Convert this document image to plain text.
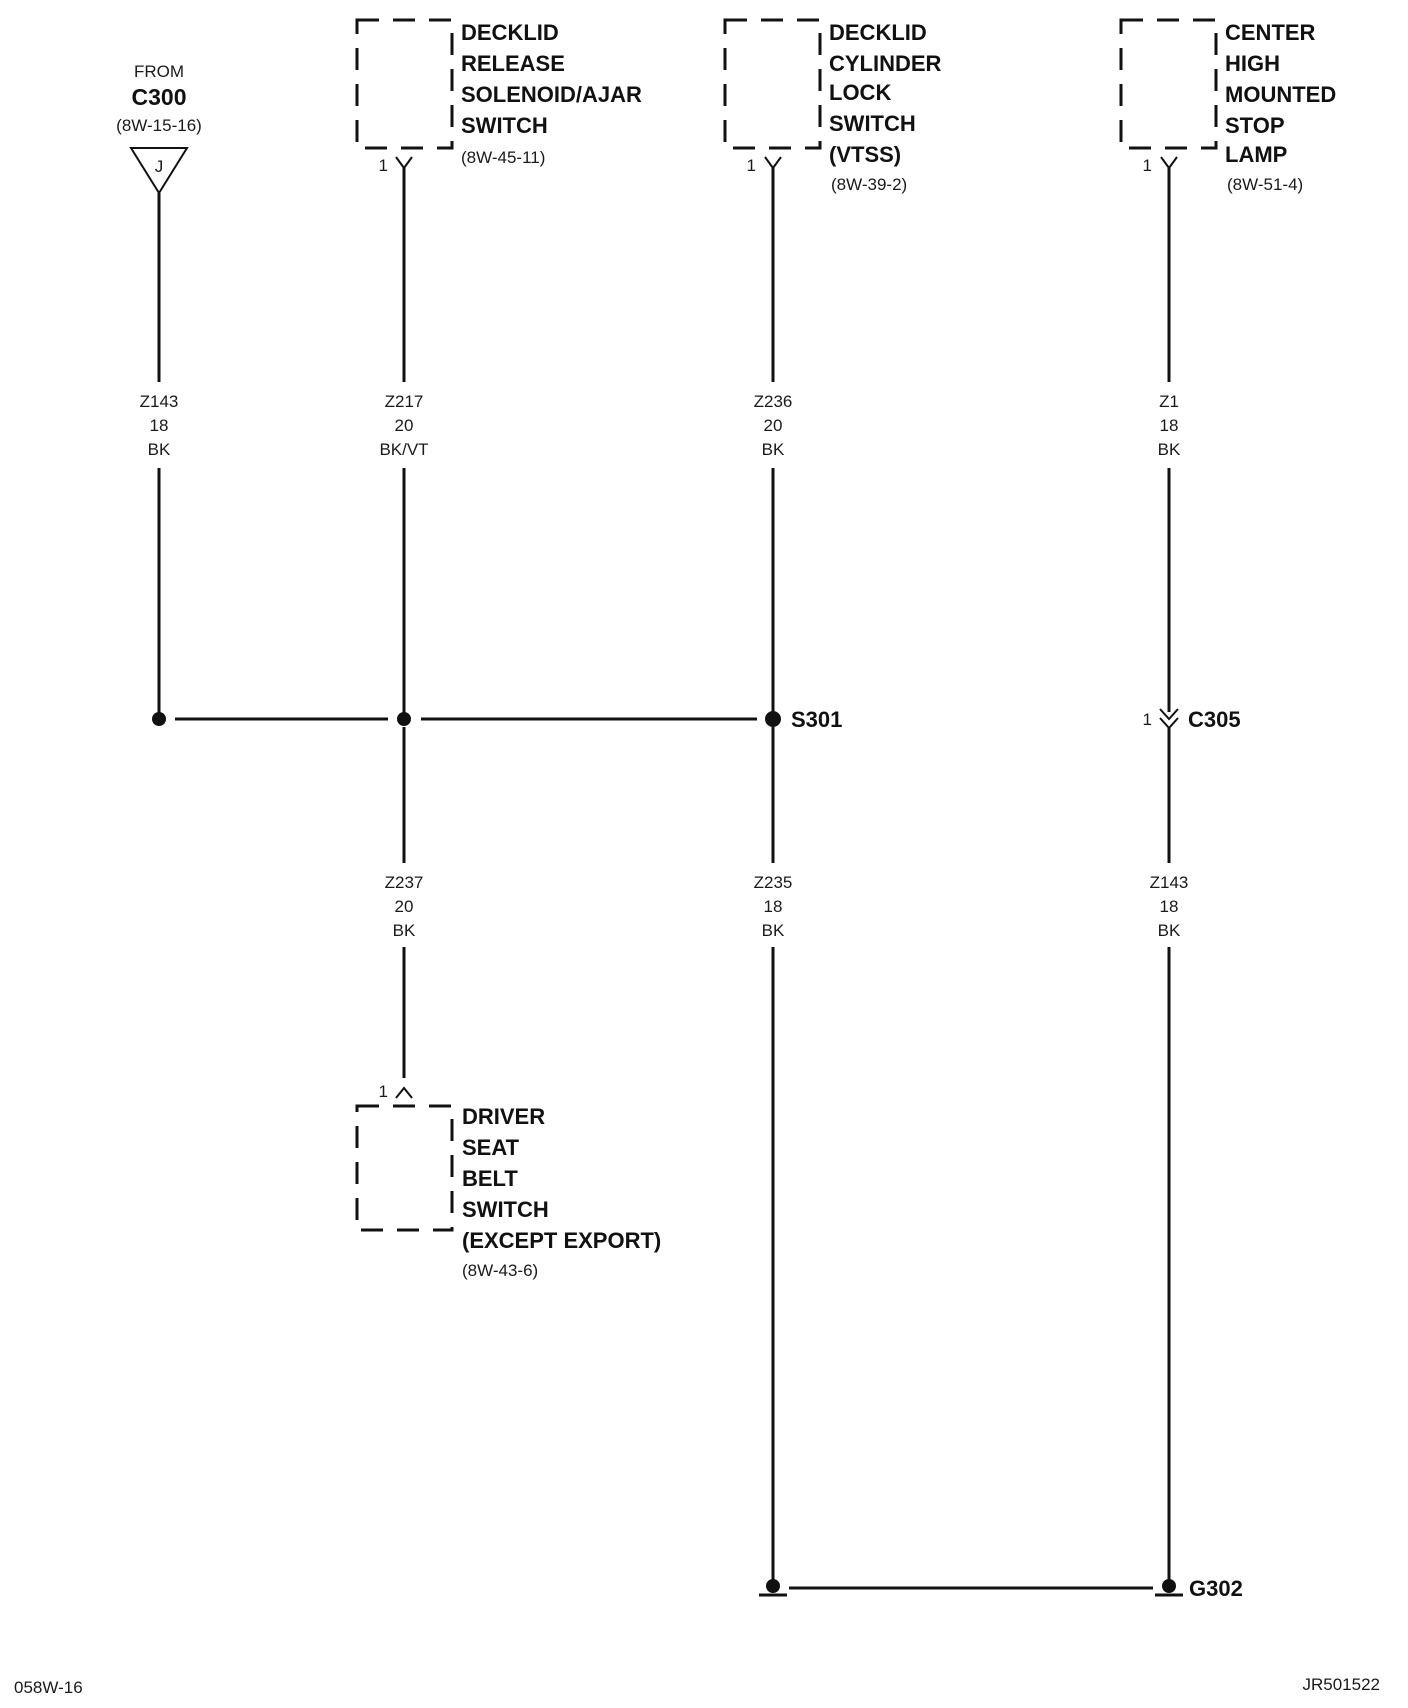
FROM
C300
(8W-15-16)
J
DECKLID
RELEASE
SOLENOID/AJAR
SWITCH
(8W-45-11)
1
DECKLID
CYLINDER
LOCK
SWITCH
(VTSS)
(8W-39-2)
1
CENTER
HIGH
MOUNTED
STOP
LAMP
(8W-51-4)
1
Z143
18
BK
Z217
20
BK/VT
Z236
20
BK
Z1
18
BK
S301	1 C305
Z237
20
BK
Z235
18
BK
Z143
18
BK
1
DRIVER
SEAT
BELT
SWITCH
(EXCEPT EXPORT)
(8W-43-6)
G302
058W-16	JR501522
